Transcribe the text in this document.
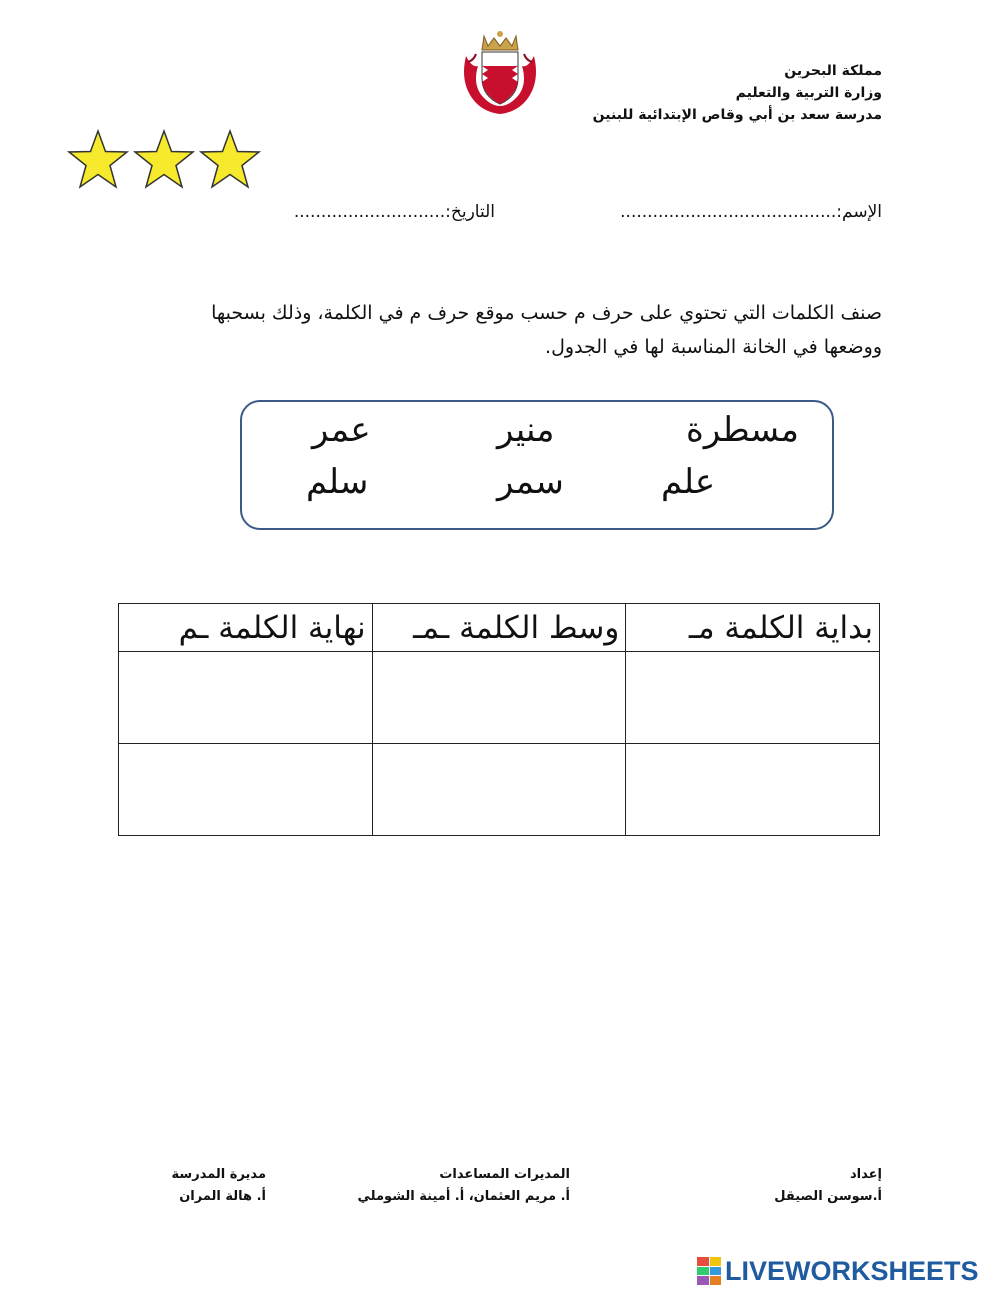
مملكة البحرين
وزارة التربية والتعليم
مدرسة سعد بن أبي وقاص الإبتدائية للبنين
الإسم:........................................
التاريخ:............................
صنف الكلمات التي تحتوي على حرف م حسب موقع حرف م في الكلمة، وذلك بسحبها
ووضعها في الخانة المناسبة لها في الجدول.
مسطرة
منير
عمر
علم
سمر
سلم
نهاية الكلمة ـم	وسط الكلمة ـمـ	بداية الكلمة مـ

إعداد
أ.سوسن الصيقل
المديرات المساعدات
أ. مريم العثمان، أ. أمينة الشوملي
مديرة المدرسة
أ. هالة المران
LIVEWORKSHEETS
